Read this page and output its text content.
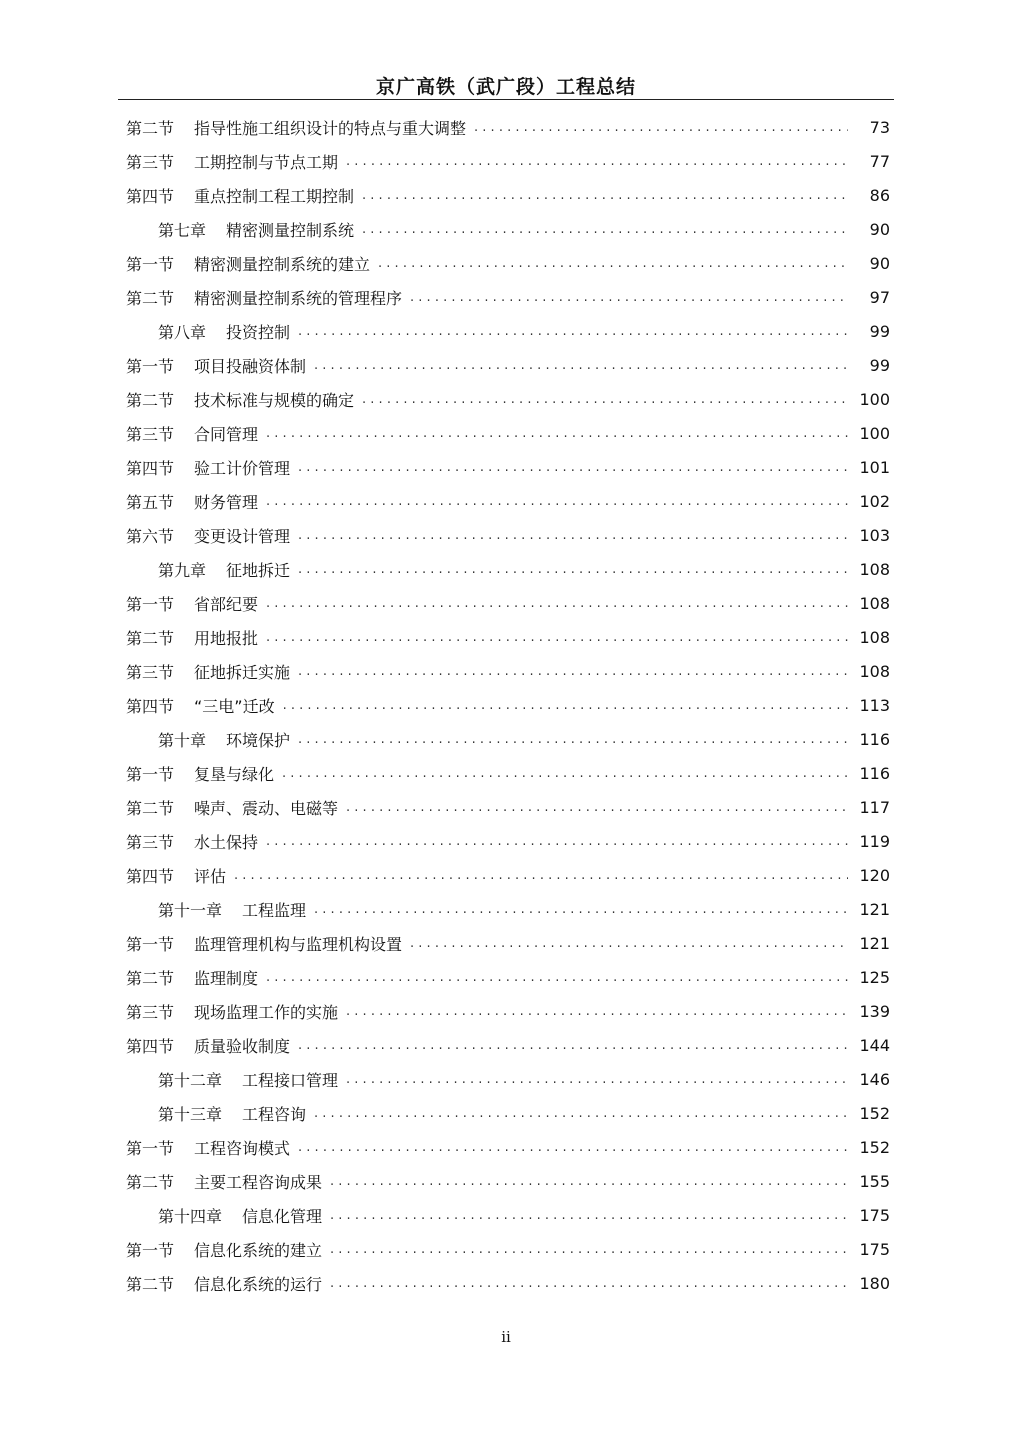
京广高铁（武广段）工程总结
第二节 指导性施工组织设计的特点与重大调整 . . .	73
第三节 工期控制与节点工期 . . .	77
第四节 重点控制工程工期控制 . . .	86
第七章 精密测量控制系统 . . .	90
第一节 精密测量控制系统的建立 . . .	90
第二节 精密测量控制系统的管理程序 . . .	97
第八章 投资控制 . . .	99
第一节 项目投融资体制 . . .	99
第二节 技术标准与规模的确定 . . .	100
第三节 合同管理 . . .	100
第四节 验工计价管理 . . .	101
第五节 财务管理 . . .	102
第六节 变更设计管理 . . .	103
第九章 征地拆迁 . . .	108
第一节 省部纪要 . . .	108
第二节 用地报批 . . .	108
第三节 征地拆迁实施 . . .	108
第四节 “三电”迁改 . . .	113
第十章 环境保护 . . .	116
第一节 复垦与绿化 . . .	116
第二节 噪声、震动、电磁等 . . .	117
第三节 水土保持 . . .	119
第四节 评估 . . .	120
第十一章 工程监理 . . .	121
第一节 监理管理机构与监理机构设置 . . .	121
第二节 监理制度 . . .	125
第三节 现场监理工作的实施 . . .	139
第四节 质量验收制度 . . .	144
第十二章 工程接口管理 . . .	146
第十三章 工程咨询 . . .	152
第一节 工程咨询模式 . . .	152
第二节 主要工程咨询成果 . . .	155
第十四章 信息化管理 . . .	175
第一节 信息化系统的建立 . . .	175
第二节 信息化系统的运行 . . .	180
ii
